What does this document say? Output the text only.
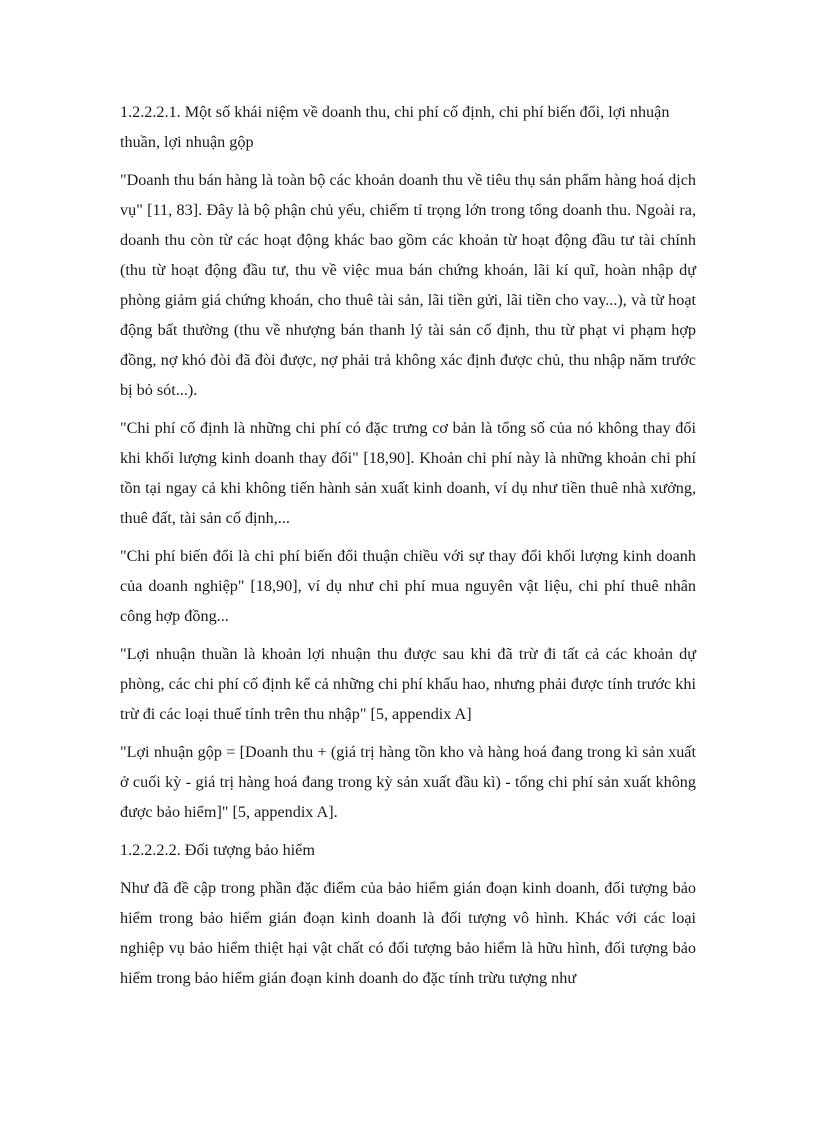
1.2.2.2.1. Một số khái niệm về doanh thu, chi phí cố định, chi phí biến đổi, lợi nhuận thuần, lợi nhuận gộp

"Doanh thu bán hàng là toàn bộ các khoản doanh thu về tiêu thụ sản phẩm hàng hoá dịch vụ" [11, 83]. Đây là bộ phận chủ yếu, chiếm tỉ trọng lớn trong tổng doanh thu. Ngoài ra, doanh thu còn từ các hoạt động khác bao gồm các khoản từ hoạt động đầu tư tài chính (thu từ hoạt động đầu tư, thu về việc mua bán chứng khoán, lãi kí quĩ, hoàn nhập dự phòng giảm giá chứng khoán, cho thuê tài sản, lãi tiền gửi, lãi tiền cho vay...), và từ hoạt động bất thường (thu về nhượng bán thanh lý tài sản cố định, thu từ phạt vi phạm hợp đồng, nợ khó đòi đã đòi được, nợ phải trả không xác định được chủ, thu nhập năm trước bị bỏ sót...).

"Chi phí cố định là những chi phí có đặc trưng cơ bản là tổng số của nó không thay đổi khi khối lượng kinh doanh thay đổi" [18,90]. Khoản chi phí này là những khoản chi phí tồn tại ngay cả khi không tiến hành sản xuất kinh doanh, ví dụ như tiền thuê nhà xưởng, thuê đất, tài sản cố định,...

"Chi phí biến đổi là chi phí biến đổi thuận chiều với sự thay đổi khối lượng kinh doanh của doanh nghiệp" [18,90], ví dụ như chi phí mua nguyên vật liệu, chi phí thuê nhân công hợp đồng...

"Lợi nhuận thuần là khoản lợi nhuận thu được sau khi đã trừ đi tất cả các khoản dự phòng, các chi phí cố định kể cả những chi phí khấu hao, nhưng phải được tính trước khi trừ đi các loại thuế tính trên thu nhập" [5, appendix A]

"Lợi nhuận gộp = [Doanh thu + (giá trị hàng tồn kho và hàng hoá đang trong kì sản xuất ở cuối kỳ - giá trị hàng hoá đang trong kỳ sản xuất đầu kì) - tổng chi phí sản xuất không được bảo hiểm]" [5, appendix A].

1.2.2.2.2. Đối tượng bảo hiểm

Như đã đề cập trong phần đặc điểm của bảo hiểm gián đoạn kinh doanh, đối tượng bảo hiểm trong bảo hiểm gián đoạn kinh doanh là đối tượng vô hình. Khác với các loại nghiệp vụ bảo hiểm thiệt hại vật chất có đối tượng bảo hiểm là hữu hình, đối tượng bảo hiểm trong bảo hiểm gián đoạn kinh doanh do đặc tính trừu tượng như
